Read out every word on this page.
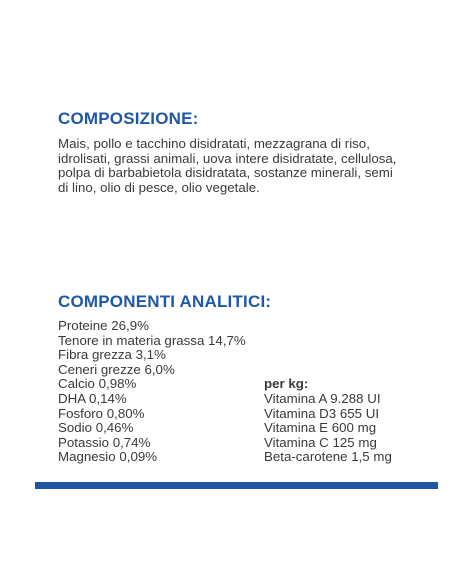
COMPOSIZIONE:
Mais, pollo e tacchino disidratati, mezzagrana di riso, idrolisati, grassi animali, uova intere disidratate, cellulosa, polpa di barbabietola disidratata, sostanze minerali, semi di lino, olio di pesce, olio vegetale.
COMPONENTI ANALITICI:
Proteine 26,9%
Tenore in materia grassa 14,7%
Fibra grezza 3,1%
Ceneri grezze 6,0%
Calcio 0,98%
DHA 0,14%
Fosforo 0,80%
Sodio 0,46%
Potassio 0,74%
Magnesio 0,09%
per kg:
Vitamina A 9.288 UI
Vitamina D3 655 UI
Vitamina E 600 mg
Vitamina C 125 mg
Beta-carotene 1,5 mg
